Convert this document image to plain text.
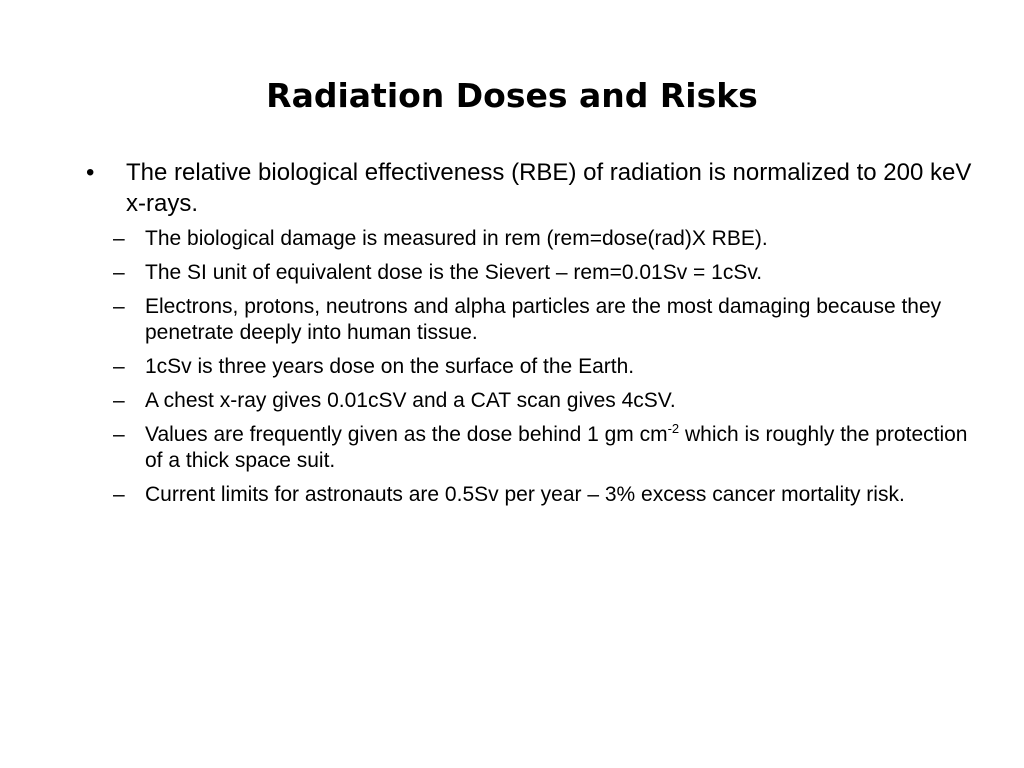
Radiation Doses and Risks
•	The relative biological effectiveness (RBE) of radiation is normalized to 200 keV x-rays.
– The biological damage is measured in rem (rem=dose(rad)X RBE).
– The SI unit of equivalent dose is the Sievert – rem=0.01Sv = 1cSv.
– Electrons, protons, neutrons and alpha particles are the most damaging because they penetrate deeply into human tissue.
– 1cSv is three years dose on the surface of the Earth.
– A chest x-ray gives 0.01cSV and a CAT scan gives 4cSV.
– Values are frequently given as the dose behind 1 gm $cm^{-2}$ which is roughly the protection of a thick space suit.
– Current limits for astronauts are 0.5Sv per year – 3% excess cancer mortality risk.
